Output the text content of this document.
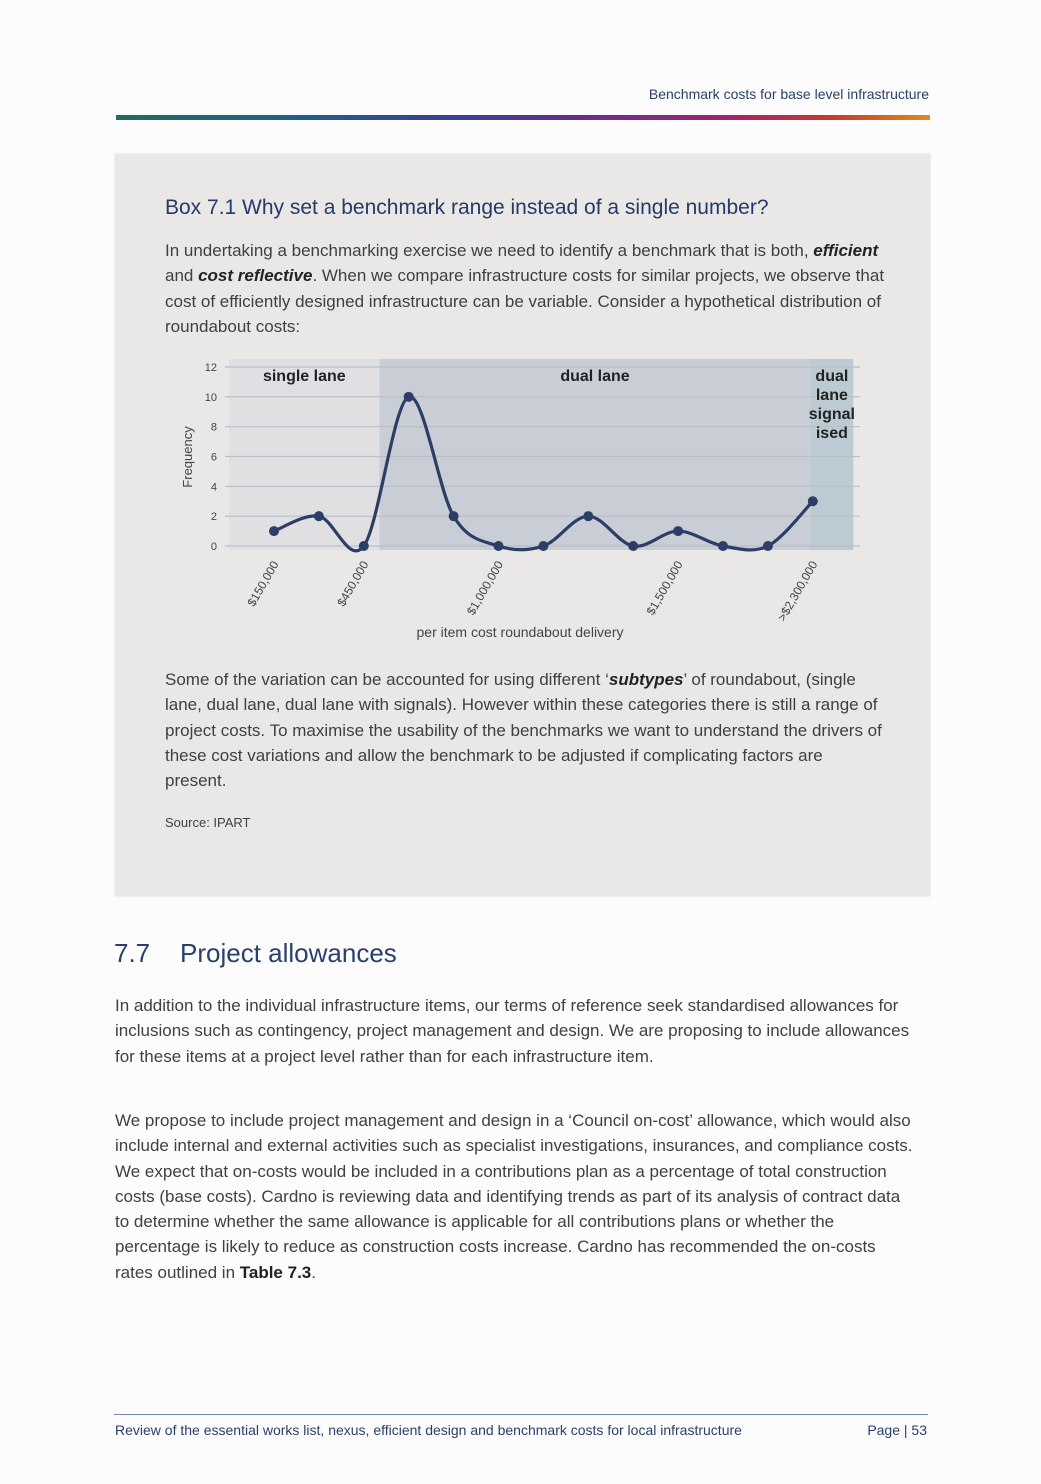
Benchmark costs for base level infrastructure
Box 7.1 Why set a benchmark range instead of a single number?
In undertaking a benchmarking exercise we need to identify a benchmark that is both, efficient and cost reflective. When we compare infrastructure costs for similar projects, we observe that cost of efficiently designed infrastructure can be variable. Consider a hypothetical distribution of roundabout costs:
0
2
4
6
8
10
12
Frequency
single lane	dual lane	dual
lane
signal
ised
$150,000	$450,000	$1,000,000	$1,500,000	>$2,300,000
per item cost roundabout delivery
Some of the variation can be accounted for using different ‘subtypes’ of roundabout, (single lane, dual lane, dual lane with signals). However within these categories there is still a range of project costs. To maximise the usability of the benchmarks we want to understand the drivers of these cost variations and allow the benchmark to be adjusted if complicating factors are present.
Source: IPART
7.7 Project allowances
In addition to the individual infrastructure items, our terms of reference seek standardised allowances for inclusions such as contingency, project management and design. We are proposing to include allowances for these items at a project level rather than for each infrastructure item.
We propose to include project management and design in a ‘Council on-cost’ allowance, which would also include internal and external activities such as specialist investigations, insurances, and compliance costs. We expect that on-costs would be included in a contributions plan as a percentage of total construction costs (base costs). Cardno is reviewing data and identifying trends as part of its analysis of contract data to determine whether the same allowance is applicable for all contributions plans or whether the percentage is likely to reduce as construction costs increase. Cardno has recommended the on-costs rates outlined in Table 7.3.
Review of the essential works list, nexus, efficient design and benchmark costs for local infrastructure	Page | 53
